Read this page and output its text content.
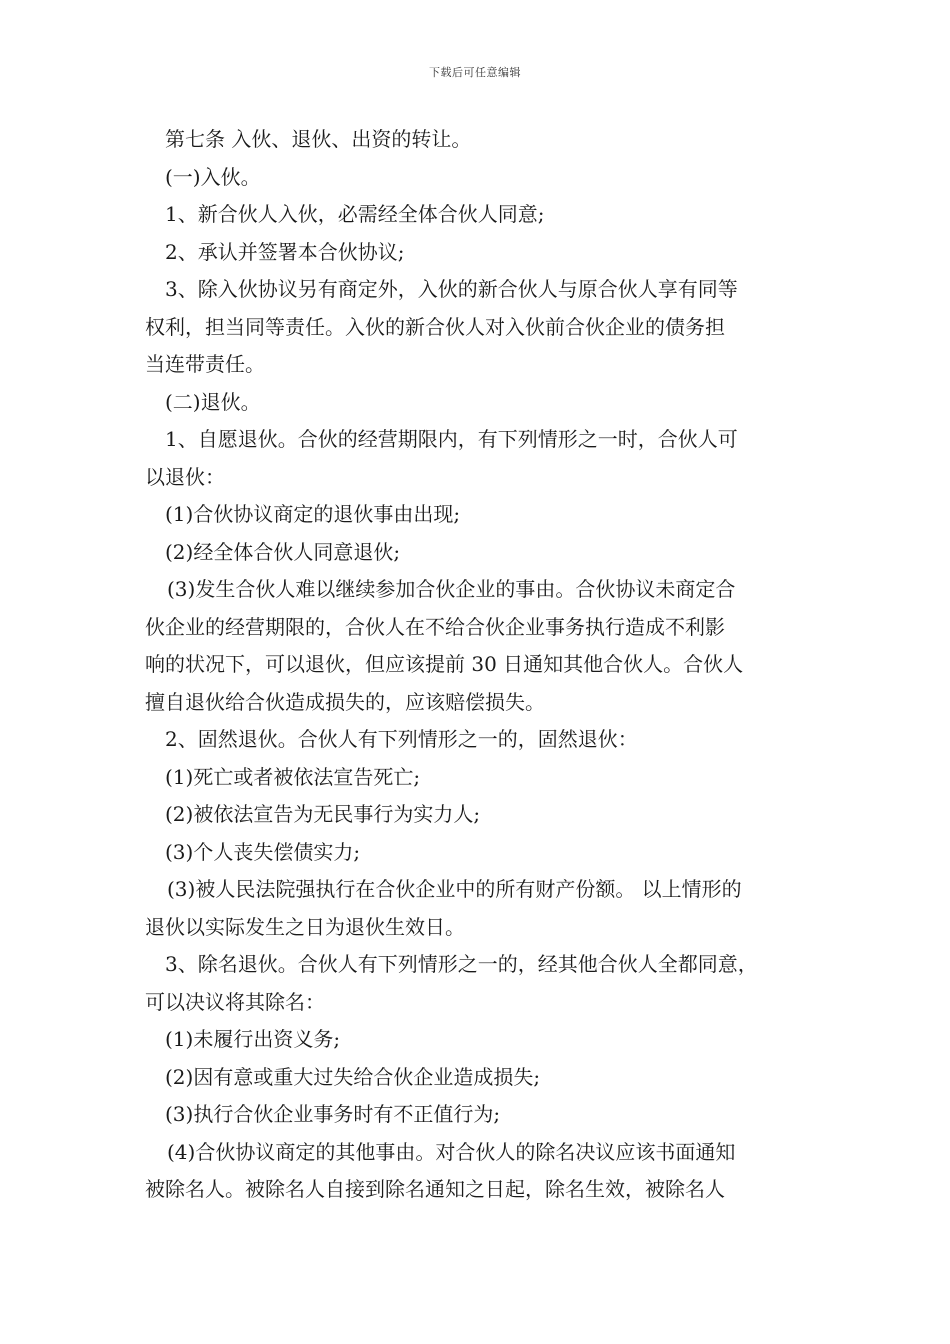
下载后可任意编辑
第七条 入伙、退伙、出资的转让。
(一)入伙。
1、新合伙人入伙，必需经全体合伙人同意;
2、承认并签署本合伙协议;
3、除入伙协议另有商定外，入伙的新合伙人与原合伙人享有同等
权利，担当同等责任。入伙的新合伙人对入伙前合伙企业的债务担
当连带责任。
(二)退伙。
1、自愿退伙。合伙的经营期限内，有下列情形之一时，合伙人可
以退伙：
(1)合伙协议商定的退伙事由出现;
(2)经全体合伙人同意退伙;
(3)发生合伙人难以继续参加合伙企业的事由。合伙协议未商定合
伙企业的经营期限的，合伙人在不给合伙企业事务执行造成不利影
响的状况下，可以退伙，但应该提前 30 日通知其他合伙人。合伙人
擅自退伙给合伙造成损失的，应该赔偿损失。
2、固然退伙。合伙人有下列情形之一的，固然退伙：
(1)死亡或者被依法宣告死亡;
(2)被依法宣告为无民事行为实力人;
(3)个人丧失偿债实力;
(3)被人民法院强执行在合伙企业中的所有财产份额。 以上情形的
退伙以实际发生之日为退伙生效日。
3、除名退伙。合伙人有下列情形之一的，经其他合伙人全都同意，
可以决议将其除名：
(1)未履行出资义务;
(2)因有意或重大过失给合伙企业造成损失;
(3)执行合伙企业事务时有不正值行为;
(4)合伙协议商定的其他事由。对合伙人的除名决议应该书面通知
被除名人。被除名人自接到除名通知之日起，除名生效，被除名人
